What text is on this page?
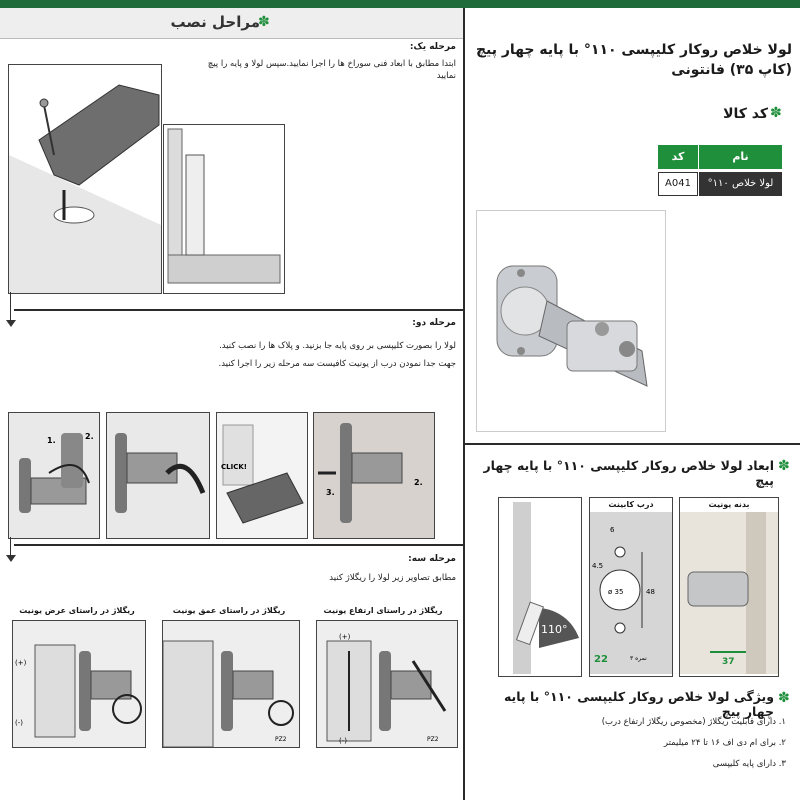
مراحل نصب
✽
لولا خلاص روکار کلیپسی ۱۱۰° با پایه چهار پیچ (کاپ ۳۵) فانتونی
✽
کد کالا
کد	نام
A041	لولا خلاص ۱۱۰°
✽
ابعاد لولا خلاص روکار کلیپسی ۱۱۰° با پایه چهار پیچ
110°
درب کابینت
6
4.5
48
ø 35
22	نمره ۳
بدنه یونیت
37
✽
ویژگی لولا خلاص روکار کلیپسی ۱۱۰° با پایه چهار پیچ
۱. دارای قابلیت ریگلاژ (مخصوص ریگلاژ ارتفاع درب)
۲. برای ام دی اف ۱۶ تا ۲۴ میلیمتر
۳. دارای پایه کلیپسی
مرحله یک:
ابتدا مطابق با ابعاد فنی سوراخ ها را اجرا نمایید.سپس لولا و پایه را پیچ نمایید
مرحله دو:
لولا را بصورت کلیپسی بر روی پایه جا بزنید. و پلاک ها را نصب کنید.
جهت جدا نمودن درب از یونیت کافیست سه مرحله زیر را اجرا کنید.
1.	2.
CLICK!
3.
2.
مرحله سه:
مطابق تصاویر زیر لولا را ریگلاژ کنید
ریگلاژ در راستای عرض یونیت	ریگلاژ در راستای عمق یونیت	ریگلاژ در راستای ارتفاع یونیت
(+)
(-)
PZ2
(+)
(-)	PZ2
